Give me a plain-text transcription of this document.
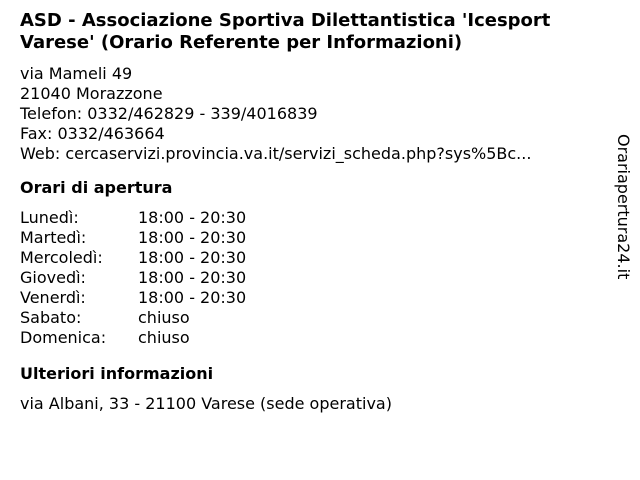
ASD - Associazione Sportiva Dilettantistica 'Icesport
Varese' (Orario Referente per Informazioni)
via Mameli 49
21040 Morazzone
Telefon: 0332/462829 - 339/4016839
Fax: 0332/463664
Web: cercaservizi.provincia.va.it/servizi_scheda.php?sys%5Bc...
Orari di apertura
Lunedì:	18:00 - 20:30
Martedì:	18:00 - 20:30
Mercoledì:	18:00 - 20:30
Giovedì:	18:00 - 20:30
Venerdì:	18:00 - 20:30
Sabato:	chiuso
Domenica:	chiuso
Ulteriori informazioni
via Albani, 33 - 21100 Varese (sede operativa)
Orariapertura24.it
